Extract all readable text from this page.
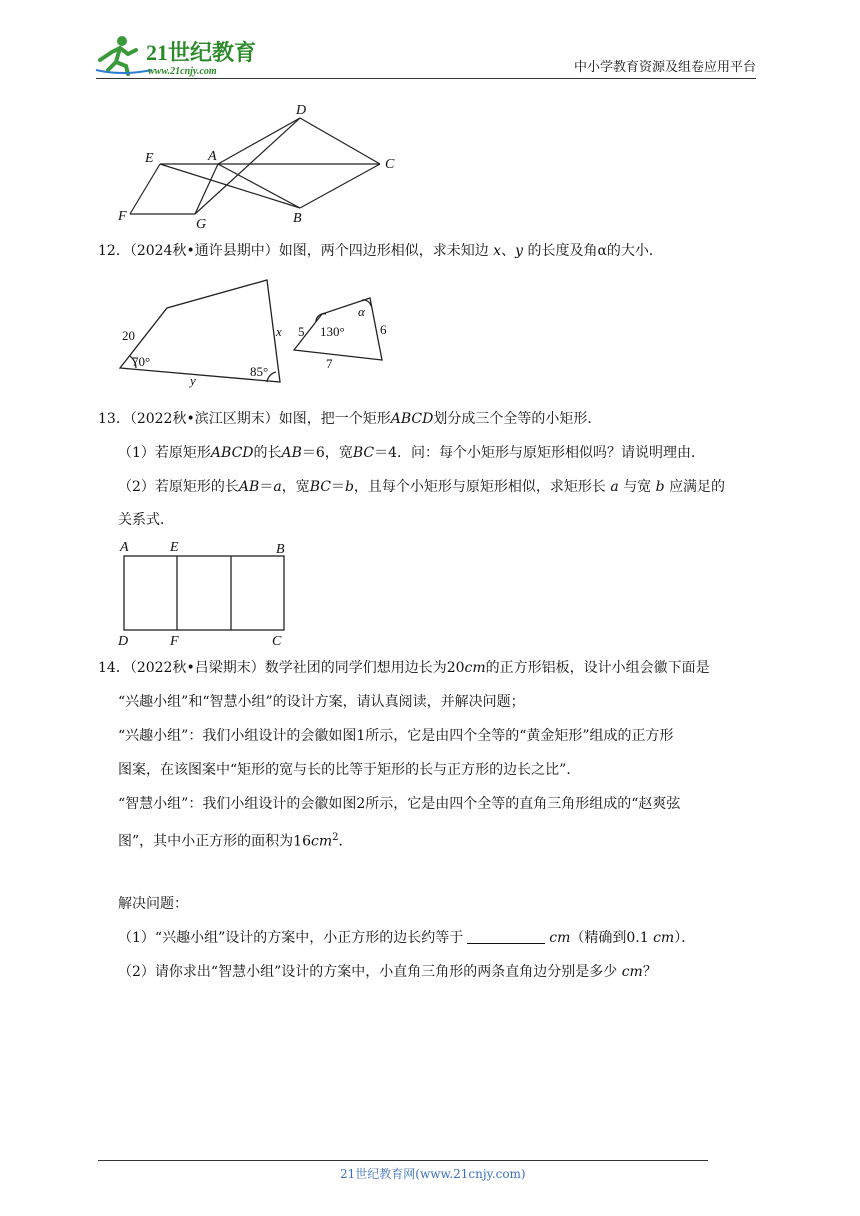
21世纪教育
www.21cnjy.com	中小学教育资源及组卷应用平台
D
E	A
C
F
G	B
12．（2024秋•通许县期中）如图，两个四边形相似，求未知边 x、y 的长度及角α的大小．
20
70°
x
y
85°
5 130°
α
6
7
13．（2022秋•滨江区期末）如图，把一个矩形ABCD划分成三个全等的小矩形．
（1）若原矩形ABCD的长AB＝6，宽BC＝4．问：每个小矩形与原矩形相似吗？请说明理由．
（2）若原矩形的长AB＝a，宽BC＝b，且每个小矩形与原矩形相似，求矩形长 a 与宽 b 应满足的
关系式．
A	E	B
D	F	C
14．（2022秋•吕梁期末）数学社团的同学们想用边长为20cm的正方形铝板，设计小组会徽下面是
“兴趣小组”和“智慧小组”的设计方案，请认真阅读，并解决问题；
“兴趣小组”：我们小组设计的会徽如图1所示，它是由四个全等的“黄金矩形”组成的正方形
图案，在该图案中“矩形的宽与长的比等于矩形的长与正方形的边长之比”．
“智慧小组”：我们小组设计的会徽如图2所示，它是由四个全等的直角三角形组成的“赵爽弦
图”，其中小正方形的面积为$16cm^2$．
解决问题：
（1）“兴趣小组”设计的方案中，小正方形的边长约等于	cm（精确到0.1 cm）．
（2）请你求出“智慧小组”设计的方案中，小直角三角形的两条直角边分别是多少 cm？
21世纪教育网(www.21cnjy.com)
